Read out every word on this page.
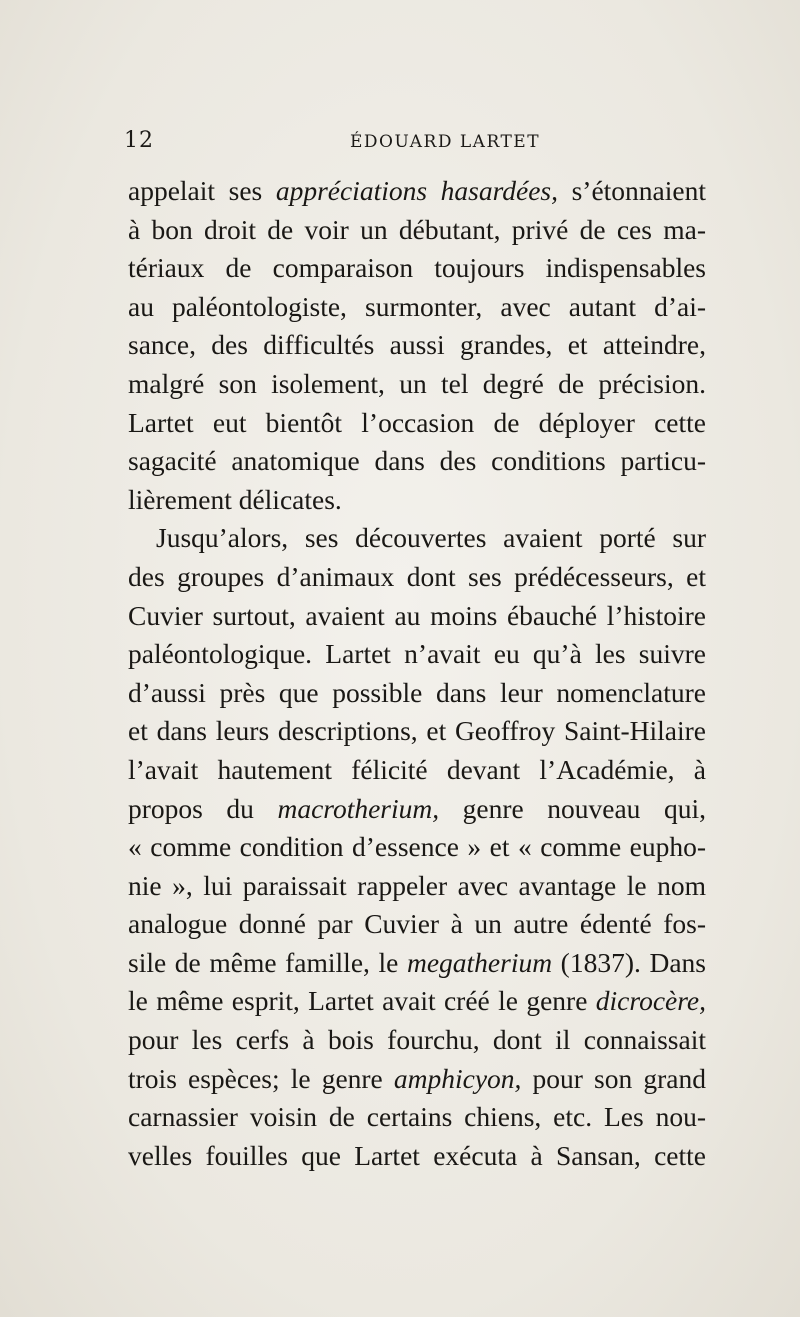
12	ÉDOUARD LARTET
appelait ses appréciations hasardées, s’étonnaient
à bon droit de voir un débutant, privé de ces ma-
tériaux de comparaison toujours indispensables
au paléontologiste, surmonter, avec autant d’ai-
sance, des difficultés aussi grandes, et atteindre,
malgré son isolement, un tel degré de précision.
Lartet eut bientôt l’occasion de déployer cette
sagacité anatomique dans des conditions particu-
lièrement délicates.
Jusqu’alors, ses découvertes avaient porté sur
des groupes d’animaux dont ses prédécesseurs, et
Cuvier surtout, avaient au moins ébauché l’histoire
paléontologique. Lartet n’avait eu qu’à les suivre
d’aussi près que possible dans leur nomenclature
et dans leurs descriptions, et Geoffroy Saint-Hilaire
l’avait hautement félicité devant l’Académie, à
propos du macrotherium, genre nouveau qui,
« comme condition d’essence » et « comme eupho-
nie », lui paraissait rappeler avec avantage le nom
analogue donné par Cuvier à un autre édenté fos-
sile de même famille, le megatherium (1837). Dans
le même esprit, Lartet avait créé le genre dicrocère,
pour les cerfs à bois fourchu, dont il connaissait
trois espèces; le genre amphicyon, pour son grand
carnassier voisin de certains chiens, etc. Les nou-
velles fouilles que Lartet exécuta à Sansan, cette
